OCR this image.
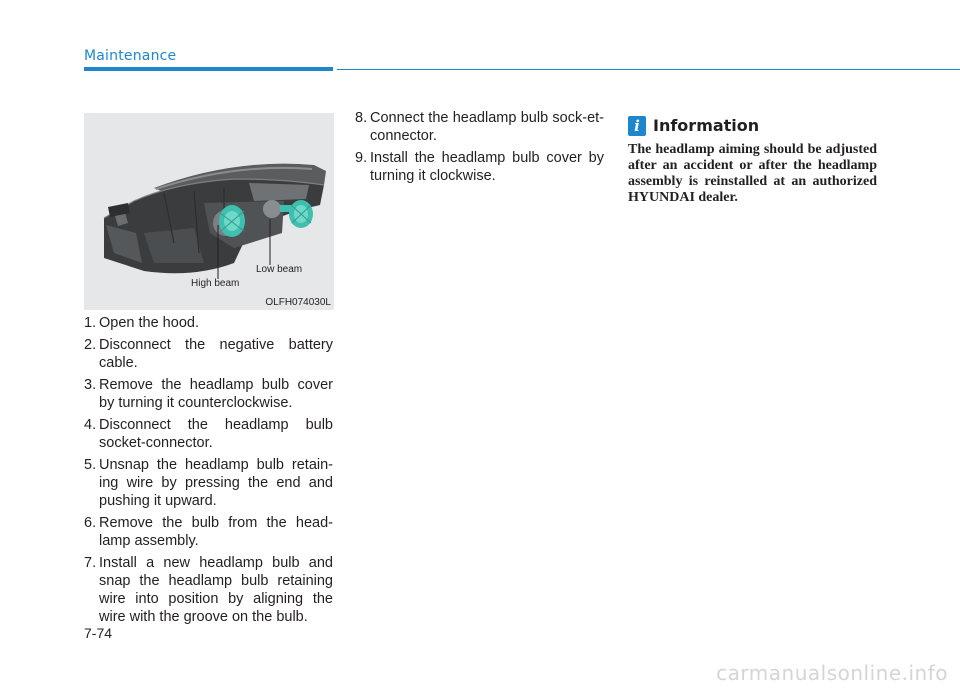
Maintenance
High beam
Low beam
OLFH074030L
1. Open the hood.
2. Disconnect the negative battery cable.
3. Remove the headlamp bulb cover by turning it counterclockwise.
4. Disconnect the headlamp bulb socket-connector.
5. Unsnap the headlamp bulb retain-ing wire by pressing the end and pushing it upward.
6. Remove the bulb from the head-lamp assembly.
7. Install a new headlamp bulb and snap the headlamp bulb retaining wire into position by aligning the wire with the groove on the bulb.
8. Connect the headlamp bulb sock-et-connector.
9. Install the headlamp bulb cover by turning it clockwise.
i Information
The headlamp aiming should be adjusted after an accident or after the headlamp assembly is reinstalled at an authorized HYUNDAI dealer.
7-74
carmanualsonline.info
